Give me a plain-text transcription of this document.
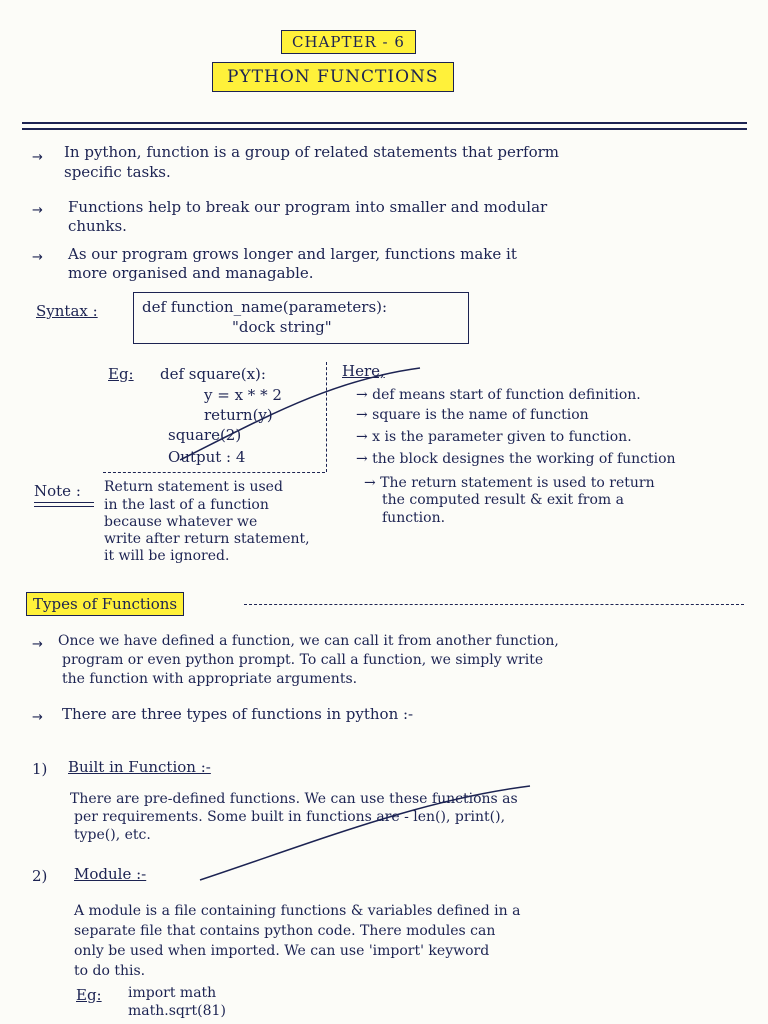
CHAPTER - 6
PYTHON FUNCTIONS
→ In python, function is a group of related statements that perform
specific tasks.
→ Functions help to break our program into smaller and modular
chunks.
→ As our program grows longer and larger, functions make it
more organised and managable.
Syntax :	def function_name(parameters):
"dock string"
Eg: def square(x):
y = x * * 2
return(y)
square(2)
Output : 4
Here,
→ def means start of function definition.
→ square is the name of function
→ x is the parameter given to function.
→ the block designes the working of function
→ The return statement is used to return
the computed result & exit from a
function.
Note : Return statement is used
in the last of a function
because whatever we
write after return statement,
it will be ignored.
Types of Functions
→ Once we have defined a function, we can call it from another function,
program or even python prompt. To call a function, we simply write
the function with appropriate arguments.
→ There are three types of functions in python :-
1) Built in Function :-
There are pre-defined functions. We can use these functions as
per requirements. Some built in functions are - len(), print(),
type(), etc.
2) Module :-
A module is a file containing functions & variables defined in a
separate file that contains python code. There modules can
only be used when imported. We can use 'import' keyword
to do this.
Eg: import math
math.sqrt(81)
